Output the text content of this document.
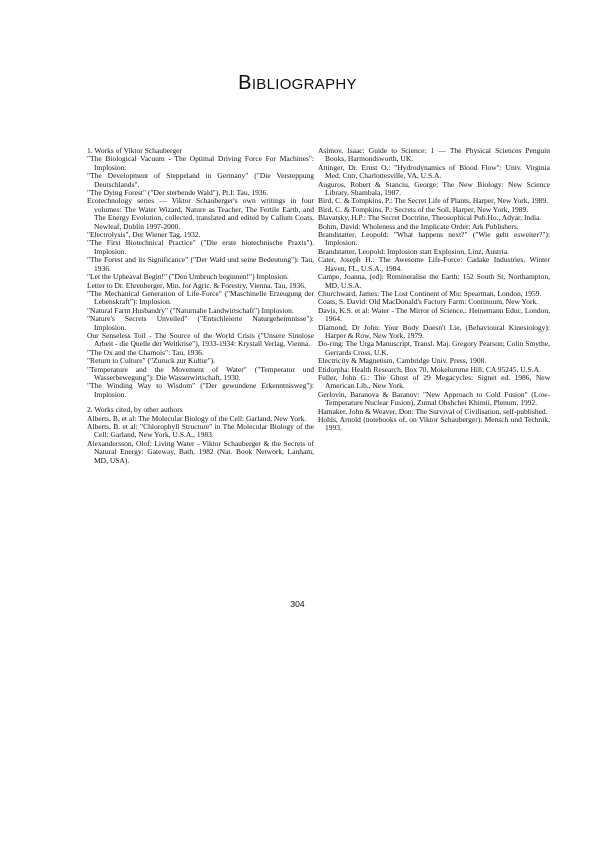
BIBLIOGRAPHY

1. Works of Viktor Schauberger

"The Biological Vacuum - The Optimal Driving Force For Machines": Implosion.

"The Development of Steppeland in Germany" ("Die Versteppung Deutschlands".

"The Dying Forest" ("Der sterbende Wald"), Pt.I: Tau, 1936.

Ecotechnology series — Viktor Schauberger's own writings in four volumes: The Water Wizard, Nature as Teacher, The Fertile Earth, and The Energy Evolution, collected, translated and edited by Callum Coats, Newleaf, Dublin 1997-2000.

"Electrolysis", Der Wiener Tag, 1932.

"The First Biotechnical Practice" ("Die erste biotechnische Praxis"). Implosion.

"The Forest and its Significance" ("Der Wald und seine Bedeutung"): Tau, 1936.

"Let the Upheaval Begin!" ("Den Umbruch beginnen!") Implosion.

Letter to Dr. Ehrenberger, Min. for Agric. & Forestry, Vienna. Tau, 1936.

"The Mechanical Generation of Life-Force" ("Maschinelle Erzeugung der Lebenskraft"): Implosion.

"Natural Farm Husbandry" ("Naturnahe Landwirtschaft") Implosion.

"Nature's Secrets Unveiled" ("Entschleierte Naturgeheimnisse"): Implosion.

Our Senseless Toil - The Source of the World Crisis ("Unsere Sinnlose Arbeit - die Quelle der Weltkrise"), 1933-1934: Krystall Verlag, Vienna.

"The Ox and the Chamois": Tau, 1936.

"Return to Culture" ("Zuruck zur Kultur").

"Temperature and the Movement of Water" ("Temperatur und Wasserbewegung"): Die Wasserwirtschaft, 1930.

"The Winding Way to Wisdom" ("Der gewundene Erkenntnisweg"): Implosion.

2. Works cited, by other authors

Alberts, B, et al: The Molecular Biology of the Cell: Garland, New York.

Alberts, B. et al: "Chlorophyll Structure" in The Molecular Biology of the Cell: Garland, New York, U.S.A., 1983.

Alexandersson, Olof: Living Water - Viktor Schauberger & the Secrets of Natural Energy: Gateway, Bath, 1982 (Nat. Book Network, Lanham, MD, USA).

Asimov, Isaac: Guide to Science: 1 — The Physical Sciences Penguin Books, Harmondsworth, UK.

Attinger, Dr. Ernst O.: "Hydrodynamics of Blood Flow": Univ. Virginia Med. Cntr, Charlottesville, VA, U.S.A.

Auguros, Robert & Stanciu, George: The New Biology: New Science Library, Shambala, 1987.

Bird, C. & Tompkins, P.: The Secret Life of Plants, Harper, New York, 1989.

Bird, C. & Tompkins, P.: Secrets of the Soil, Harper, New York, 1989.

Blavatsky, H.P.: The Secret Doctrine, Theosophical Pub.Ho., Adyar, India.

Bohm, David: Wholeness and the Implicate Order: Ark Publishers.

Brandstatter, Leopold: "What happens next?" ("Wie geht esweiter?"): Implosion.

Brandstatter, Leopold: Implosion statt Explosion, Linz, Austria.

Cater, Joseph H.: The Awesome Life-Force: Cadake Industries, Winter Haven, FL, U.S.A., 1984.

Campe, Joanna, (ed): Remineralise the Earth: 152 South St, Northampton, MD, U.S.A.

Churchward, James: The Lost Continent of Mu: Spearman, London, 1959.

Coats, S. David: Old MacDonald's Factory Farm: Continuum, New York.

Davis, K.S. et al: Water - The Mirror of Science,: Heinemann Educ, London, 1964.

Diamond, Dr John: Your Body Doesn't Lie, (Behavioural Kinesiology): Harper & Row, New York, 1979.

Do-ring: The Urga Manuscript, Transl. Maj. Gregory Pearson; Colin Smythe, Gerrards Cross, U.K.

Electricity & Magnetism, Cambridge Univ. Press, 1908.

Etidorpha: Health Research, Box 70, Mokelumme Hill, CA 95245, U.S.A.

Fuller, John G.: The Ghost of 29 Megacycles: Signet ed. 1986, New American Lib., New York.

Gerlovin, Baranova & Baranov: "New Approach to Cold Fusion" (Low-Temperature Nuclear Fusion), Zumal Obshchei Khimii, Plenum, 1992.

Hamaker, John & Weaver, Don: The Survival of Civilisation, self-published.

Hohls, Arnold (notebooks of, on Viktor Schauberger): Mensch und Technik, 1993.

304
